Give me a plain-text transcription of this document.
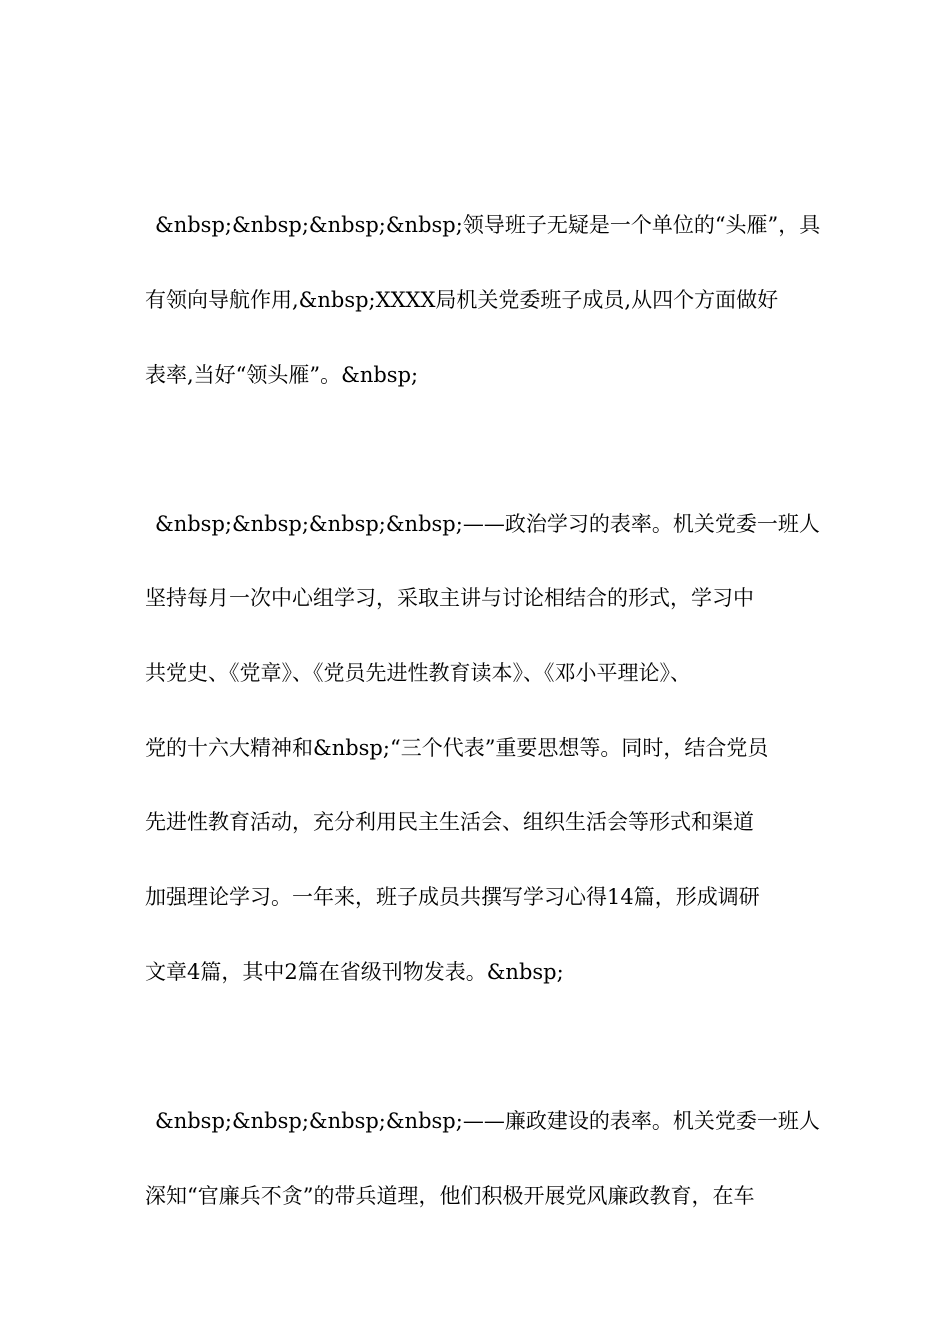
&nbsp;&nbsp;&nbsp;&nbsp;领导班子无疑是一个单位的“头雁”，具
有领向导航作用,&nbsp;XXXX局机关党委班子成员,从四个方面做好
表率,当好“领头雁”。&nbsp;
&nbsp;&nbsp;&nbsp;&nbsp;——政治学习的表率。机关党委一班人
坚持每月一次中心组学习，采取主讲与讨论相结合的形式，学习中
共党史、《党章》、《党员先进性教育读本》、《邓小平理论》、
党的十六大精神和&nbsp;“三个代表”重要思想等。同时，结合党员
先进性教育活动，充分利用民主生活会、组织生活会等形式和渠道
加强理论学习。一年来，班子成员共撰写学习心得14篇，形成调研
文章4篇，其中2篇在省级刊物发表。&nbsp;
&nbsp;&nbsp;&nbsp;&nbsp;——廉政建设的表率。机关党委一班人
深知“官廉兵不贪”的带兵道理，他们积极开展党风廉政教育，在车
